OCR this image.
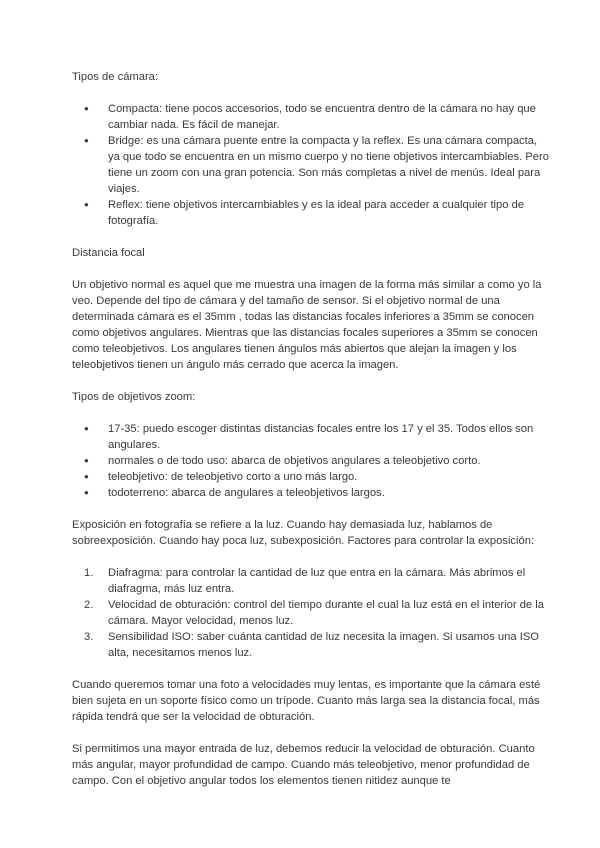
Tipos de cámara:

● Compacta: tiene pocos accesorios, todo se encuentra dentro de la cámara no hay que cambiar nada. Es fácil de manejar.
● Bridge: es una cámara puente entre la compacta y la reflex. Es una cámara compacta, ya que todo se encuentra en un mismo cuerpo y no tiene objetivos intercambiables. Pero tiene un zoom con una gran potencia. Son más completas a nivel de menús. Ideal para viajes.
● Reflex: tiene objetivos intercambiables y es la ideal para acceder a cualquier tipo de fotografía.

Distancia focal

Un objetivo normal es aquel que me muestra una imagen de la forma más similar a como yo la veo. Depende del tipo de cámara y del tamaño de sensor. Si el objetivo normal de una determinada cámara es el 35mm , todas las distancias focales inferiores a 35mm se conocen como objetivos angulares. Mientras que las distancias focales superiores a 35mm se conocen como teleobjetivos. Los angulares tienen ángulos más abiertos que alejan la imagen y los teleobjetivos tienen un ángulo más cerrado que acerca la imagen.

Tipos de objetivos zoom:

● 17-35: puedo escoger distintas distancias focales entre los 17 y el 35. Todos ellos son angulares.
● normales o de todo uso: abarca de objetivos angulares a teleobjetivo corto.
● teleobjetivo: de teleobjetivo corto a uno más largo.
● todoterreno: abarca de angulares a teleobjetivos largos.

Exposición en fotografía se refiere a la luz. Cuando hay demasiada luz, hablamos de sobreexposición. Cuando hay poca luz, subexposición. Factores para controlar la exposición:

1. Diafragma: para controlar la cantidad de luz que entra en la cámara. Más abrimos el diafragma, más luz entra.
2. Velocidad de obturación: control del tiempo durante el cual la luz está en el interior de la cámara. Mayor velocidad, menos luz.
3. Sensibilidad ISO: saber cuánta cantidad de luz necesita la imagen. Si usamos una ISO alta, necesitamos menos luz.

Cuando queremos tomar una foto a velocidades muy lentas, es importante que la cámara esté bien sujeta en un soporte físico como un trípode. Cuanto más larga sea la distancia focal, más rápida tendrá que ser la velocidad de obturación.

Si permitimos una mayor entrada de luz, debemos reducir la velocidad de obturación. Cuanto más angular, mayor profundidad de campo. Cuando más teleobjetivo, menor profundidad de campo. Con el objetivo angular todos los elementos tienen nitidez aunque te
